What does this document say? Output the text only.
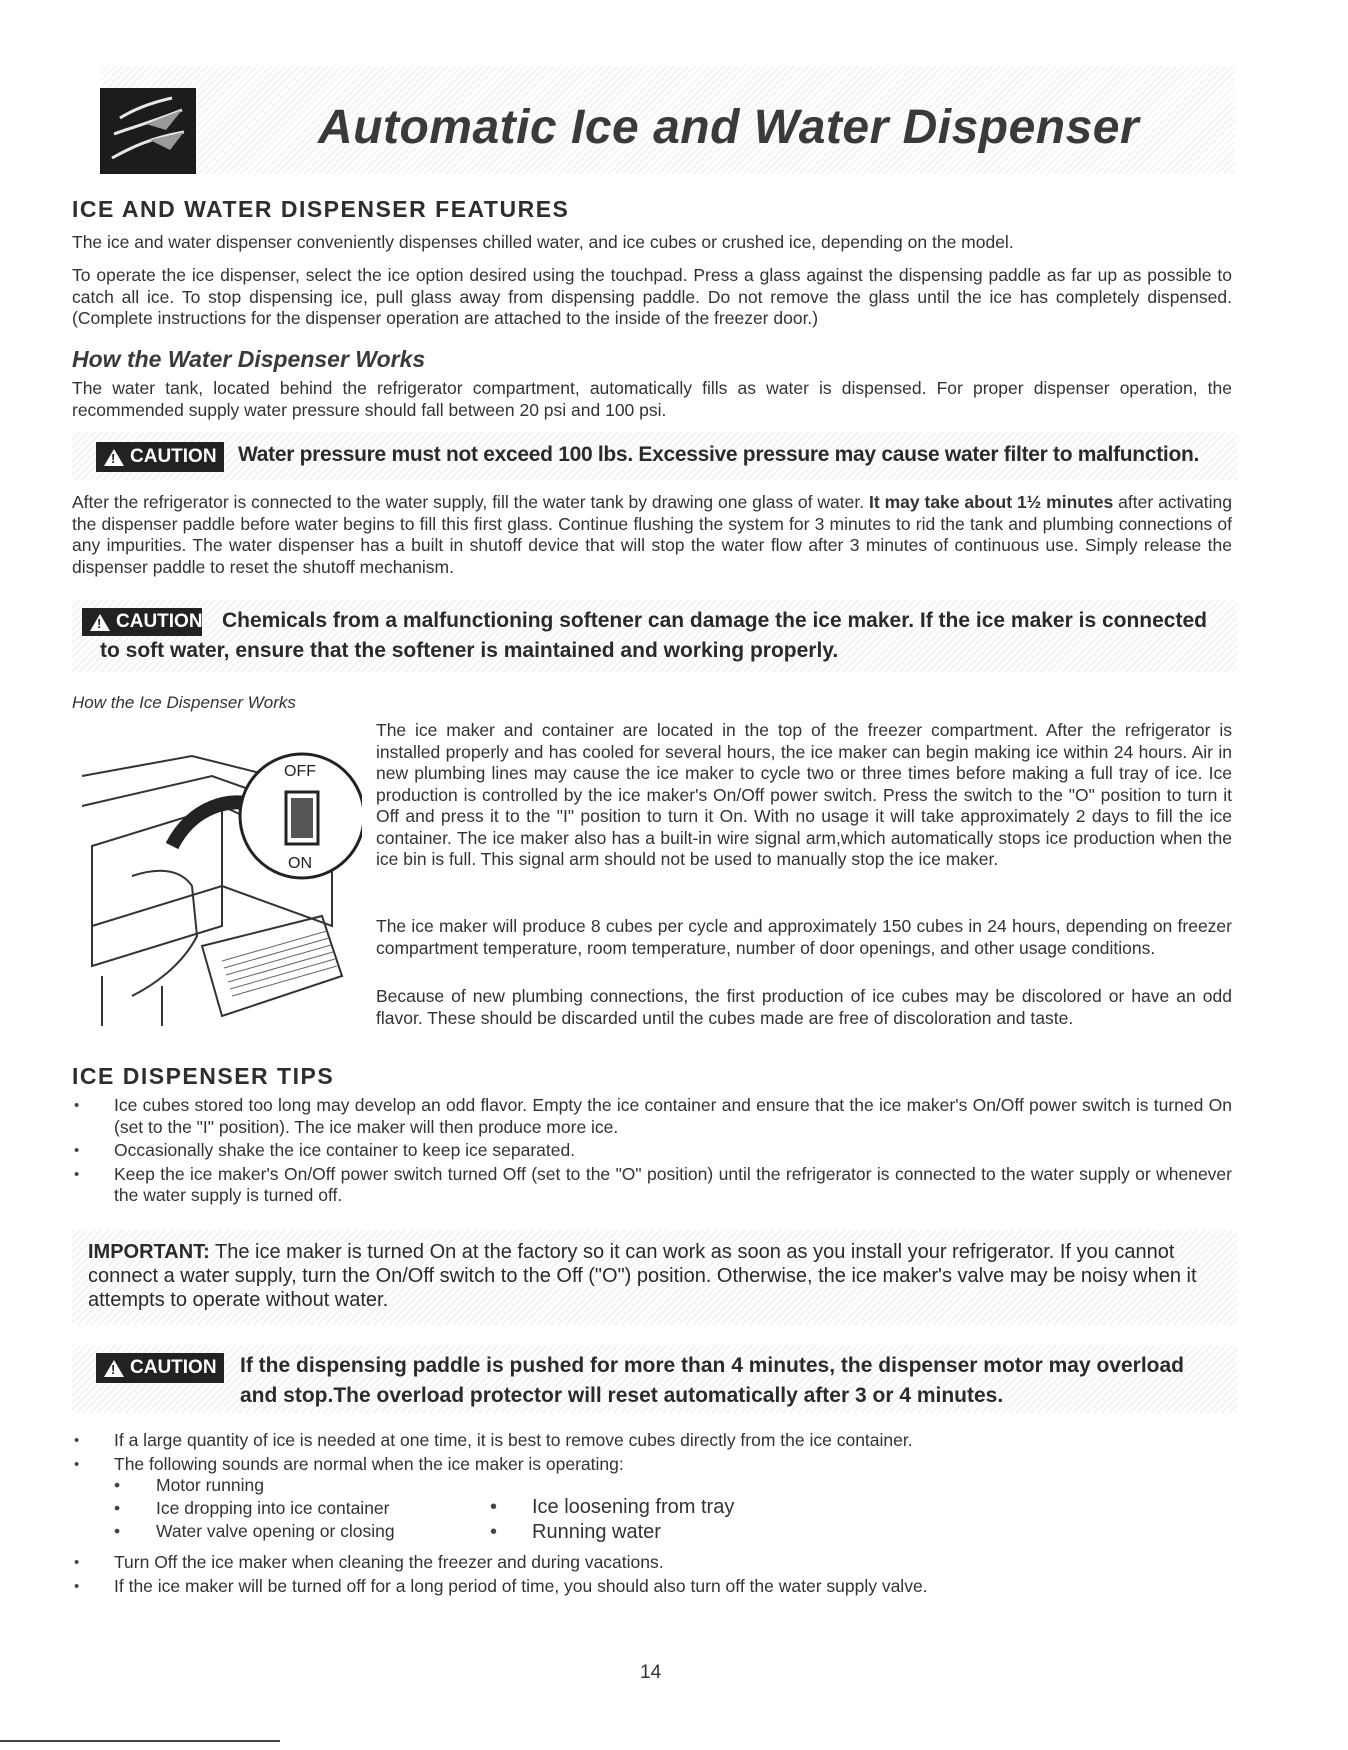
Automatic Ice and Water Dispenser
ICE AND WATER DISPENSER FEATURES
The ice and water dispenser conveniently dispenses chilled water, and ice cubes or crushed ice, depending on the model.
To operate the ice dispenser, select the ice option desired using the touchpad. Press a glass against the dispensing paddle as far up as possible to catch all ice. To stop dispensing ice, pull glass away from dispensing paddle. Do not remove the glass until the ice has completely dispensed. (Complete instructions for the dispenser operation are attached to the inside of the freezer door.)
How the Water Dispenser Works
The water tank, located behind the refrigerator compartment, automatically fills as water is dispensed. For proper dispenser operation, the recommended supply water pressure should fall between 20 psi and 100 psi.
!
CAUTION Water pressure must not exceed 100 lbs. Excessive pressure may cause water filter to malfunction.
After the refrigerator is connected to the water supply, fill the water tank by drawing one glass of water. It may take about 1½ minutes after activating the dispenser paddle before water begins to fill this first glass. Continue flushing the system for 3 minutes to rid the tank and plumbing connections of any impurities. The water dispenser has a built in shutoff device that will stop the water flow after 3 minutes of continuous use. Simply release the dispenser paddle to reset the shutoff mechanism.
!
CAUTION Chemicals from a malfunctioning softener can damage the ice maker. If the ice maker is connected
to soft water, ensure that the softener is maintained and working properly.
How the Ice Dispenser Works
OFF
ON
The ice maker and container are located in the top of the freezer compartment. After the refrigerator is installed properly and has cooled for several hours, the ice maker can begin making ice within 24 hours. Air in new plumbing lines may cause the ice maker to cycle two or three times before making a full tray of ice. Ice production is controlled by the ice maker's On/Off power switch. Press the switch to the "O" position to turn it Off and press it to the "I" position to turn it On. With no usage it will take approximately 2 days to fill the ice container. The ice maker also has a built-in wire signal arm,which automatically stops ice production when the ice bin is full. This signal arm should not be used to manually stop the ice maker.
The ice maker will produce 8 cubes per cycle and approximately 150 cubes in 24 hours, depending on freezer compartment temperature, room temperature, number of door openings, and other usage conditions.
Because of new plumbing connections, the first production of ice cubes may be discolored or have an odd flavor. These should be discarded until the cubes made are free of discoloration and taste.
ICE DISPENSER TIPS
• Ice cubes stored too long may develop an odd flavor. Empty the ice container and ensure that the ice maker's On/Off power switch is turned On (set to the "I" position). The ice maker will then produce more ice.
• Occasionally shake the ice container to keep ice separated.
• Keep the ice maker's On/Off power switch turned Off (set to the "O" position) until the refrigerator is connected to the water supply or whenever the water supply is turned off.
IMPORTANT: The ice maker is turned On at the factory so it can work as soon as you install your refrigerator. If you cannot connect a water supply, turn the On/Off switch to the Off ("O") position. Otherwise, the ice maker's valve may be noisy when it attempts to operate without water.
!
CAUTION If the dispensing paddle is pushed for more than 4 minutes, the dispenser motor may overload
and stop.The overload protector will reset automatically after 3 or 4 minutes.
• If a large quantity of ice is needed at one time, it is best to remove cubes directly from the ice container.
• The following sounds are normal when the ice maker is operating:
• Motor running
• Ice dropping into ice container
• Water valve opening or closing
• Ice loosening from tray
• Running water
• Turn Off the ice maker when cleaning the freezer and during vacations.
• If the ice maker will be turned off for a long period of time, you should also turn off the water supply valve.
14
